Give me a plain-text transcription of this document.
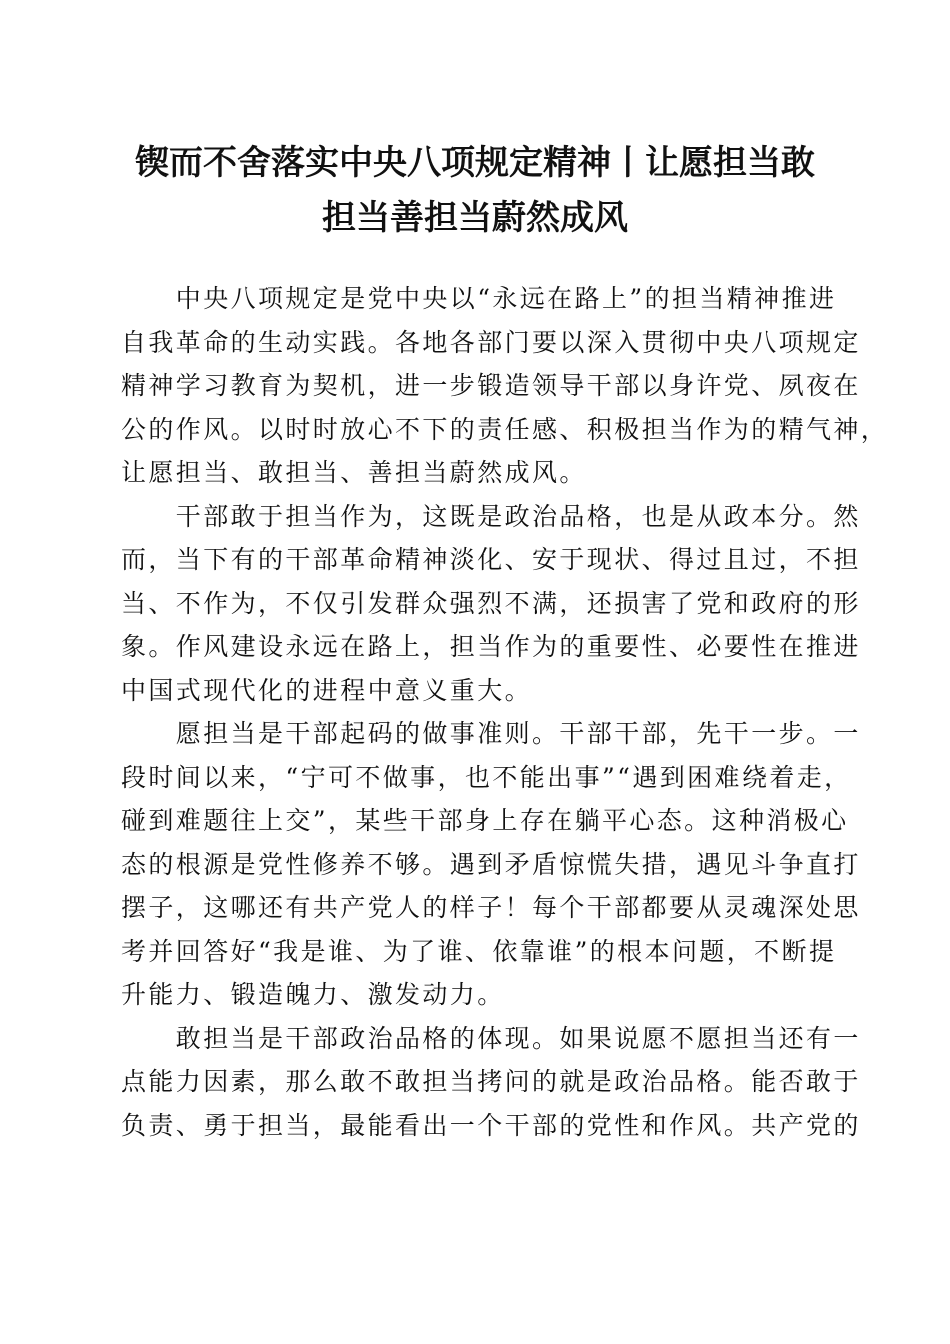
锲而不舍落实中央八项规定精神丨让愿担当敢
担当善担当蔚然成风

　　中央八项规定是党中央以“永远在路上”的担当精神推进
自我革命的生动实践。各地各部门要以深入贯彻中央八项规定
精神学习教育为契机，进一步锻造领导干部以身许党、夙夜在
公的作风。以时时放心不下的责任感、积极担当作为的精气神，
让愿担当、敢担当、善担当蔚然成风。

　　干部敢于担当作为，这既是政治品格，也是从政本分。然
而，当下有的干部革命精神淡化、安于现状、得过且过，不担
当、不作为，不仅引发群众强烈不满，还损害了党和政府的形
象。作风建设永远在路上，担当作为的重要性、必要性在推进
中国式现代化的进程中意义重大。

　　愿担当是干部起码的做事准则。干部干部，先干一步。一
段时间以来，“宁可不做事，也不能出事”“遇到困难绕着走，
碰到难题往上交”，某些干部身上存在躺平心态。这种消极心
态的根源是党性修养不够。遇到矛盾惊慌失措，遇见斗争直打
摆子，这哪还有共产党人的样子！每个干部都要从灵魂深处思
考并回答好“我是谁、为了谁、依靠谁”的根本问题，不断提
升能力、锻造魄力、激发动力。

　　敢担当是干部政治品格的体现。如果说愿不愿担当还有一
点能力因素，那么敢不敢担当拷问的就是政治品格。能否敢于
负责、勇于担当，最能看出一个干部的党性和作风。共产党的
